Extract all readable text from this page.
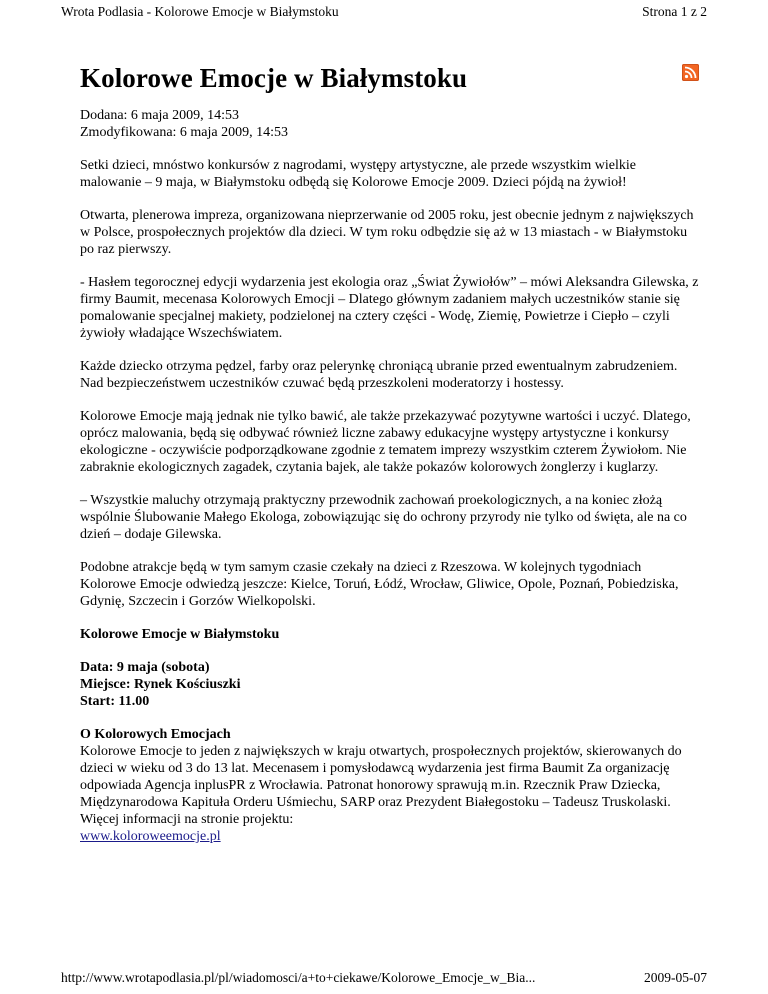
Wrota Podlasia - Kolorowe Emocje w Białymstoku	Strona 1 z 2
Kolorowe Emocje w Białymstoku

Dodana: 6 maja 2009, 14:53

Zmodyfikowana: 6 maja 2009, 14:53

Setki dzieci, mnóstwo konkursów z nagrodami, występy artystyczne, ale przede wszystkim wielkie malowanie – 9 maja, w Białymstoku odbędą się Kolorowe Emocje 2009. Dzieci pójdą na żywioł!

Otwarta, plenerowa impreza, organizowana nieprzerwanie od 2005 roku, jest obecnie jednym z największych w Polsce, prospołecznych projektów dla dzieci. W tym roku odbędzie się aż w 13 miastach - w Białymstoku po raz pierwszy.

- Hasłem tegorocznej edycji wydarzenia jest ekologia oraz „Świat Żywiołów” – mówi Aleksandra Gilewska, z firmy Baumit, mecenasa Kolorowych Emocji – Dlatego głównym zadaniem małych uczestników stanie się pomalowanie specjalnej makiety, podzielonej na cztery części - Wodę, Ziemię, Powietrze i Ciepło – czyli żywioły władające Wszechświatem.

Każde dziecko otrzyma pędzel, farby oraz pelerynkę chroniącą ubranie przed ewentualnym zabrudzeniem. Nad bezpieczeństwem uczestników czuwać będą przeszkoleni moderatorzy i hostessy.

Kolorowe Emocje mają jednak nie tylko bawić, ale także przekazywać pozytywne wartości i uczyć. Dlatego, oprócz malowania, będą się odbywać również liczne zabawy edukacyjne występy artystyczne i konkursy ekologiczne - oczywiście podporządkowane zgodnie z tematem imprezy wszystkim czterem Żywiołom. Nie zabraknie ekologicznych zagadek, czytania bajek, ale także pokazów kolorowych żonglerzy i kuglarzy.

– Wszystkie maluchy otrzymają praktyczny przewodnik zachowań proekologicznych, a na koniec złożą wspólnie Ślubowanie Małego Ekologa, zobowiązując się do ochrony przyrody nie tylko od święta, ale na co dzień – dodaje Gilewska.

Podobne atrakcje będą w tym samym czasie czekały na dzieci z Rzeszowa. W kolejnych tygodniach Kolorowe Emocje odwiedzą jeszcze: Kielce, Toruń, Łódź, Wrocław, Gliwice, Opole, Poznań, Pobiedziska, Gdynię, Szczecin i Gorzów Wielkopolski.

Kolorowe Emocje w Białymstoku

Data: 9 maja (sobota)

Miejsce: Rynek Kościuszki

Start: 11.00

O Kolorowych Emocjach

Kolorowe Emocje to jeden z największych w kraju otwartych, prospołecznych projektów, skierowanych do dzieci w wieku od 3 do 13 lat. Mecenasem i pomysłodawcą wydarzenia jest firma Baumit Za organizację odpowiada Agencja inplusPR z Wrocławia. Patronat honorowy sprawują m.in. Rzecznik Praw Dziecka, Międzynarodowa Kapituła Orderu Uśmiechu, SARP oraz Prezydent Białegostoku – Tadeusz Truskolaski. Więcej informacji na stronie projektu:
www.koloroweemocje.pl

http://www.wrotapodlasia.pl/pl/wiadomosci/a+to+ciekawe/Kolorowe_Emocje_w_Bia...	2009-05-07
